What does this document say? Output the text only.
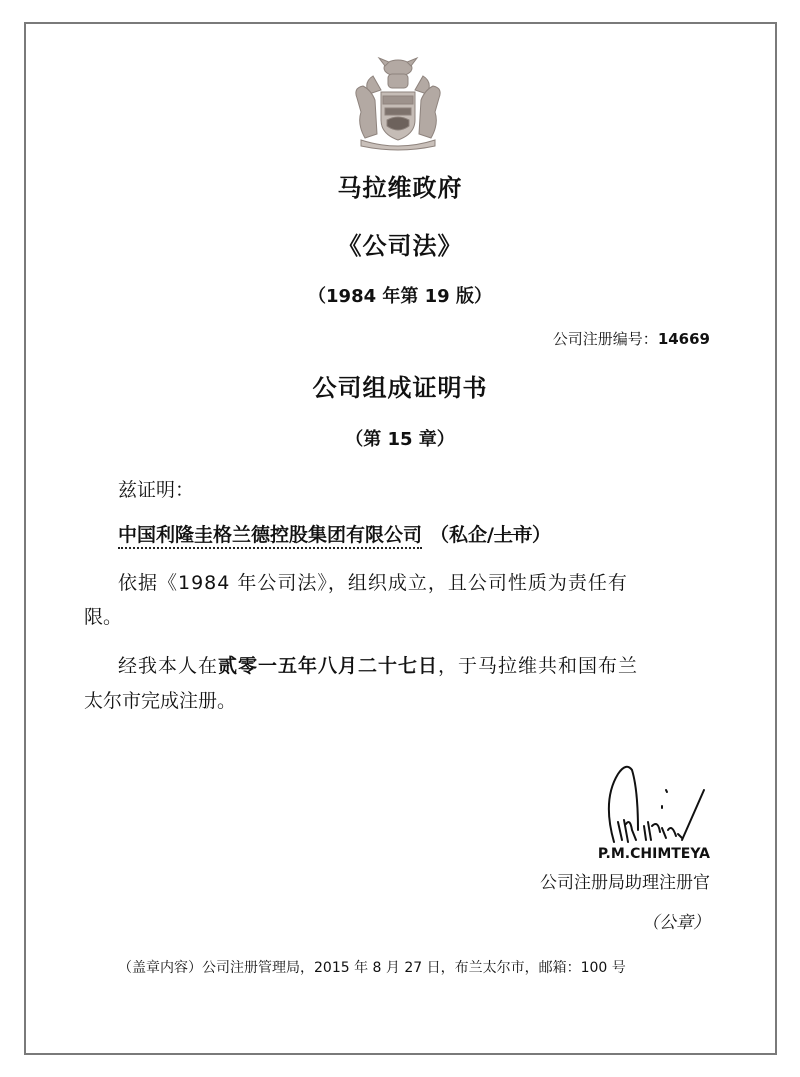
马拉维政府
《公司法》
（1984 年第 19 版）
公司注册编号：14669
公司组成证明书
（第 15 章）
兹证明：
中国利隆圭格兰德控股集团有限公司 （私企/上市）
依据《1984 年公司法》，组织成立，且公司性质为责任有
限。
经我本人在贰零一五年八月二十七日，于马拉维共和国布兰
太尔市完成注册。
P.M.CHIMTEYA
公司注册局助理注册官
（公章）
（盖章内容）公司注册管理局，2015 年 8 月 27 日，布兰太尔市，邮箱：100 号
